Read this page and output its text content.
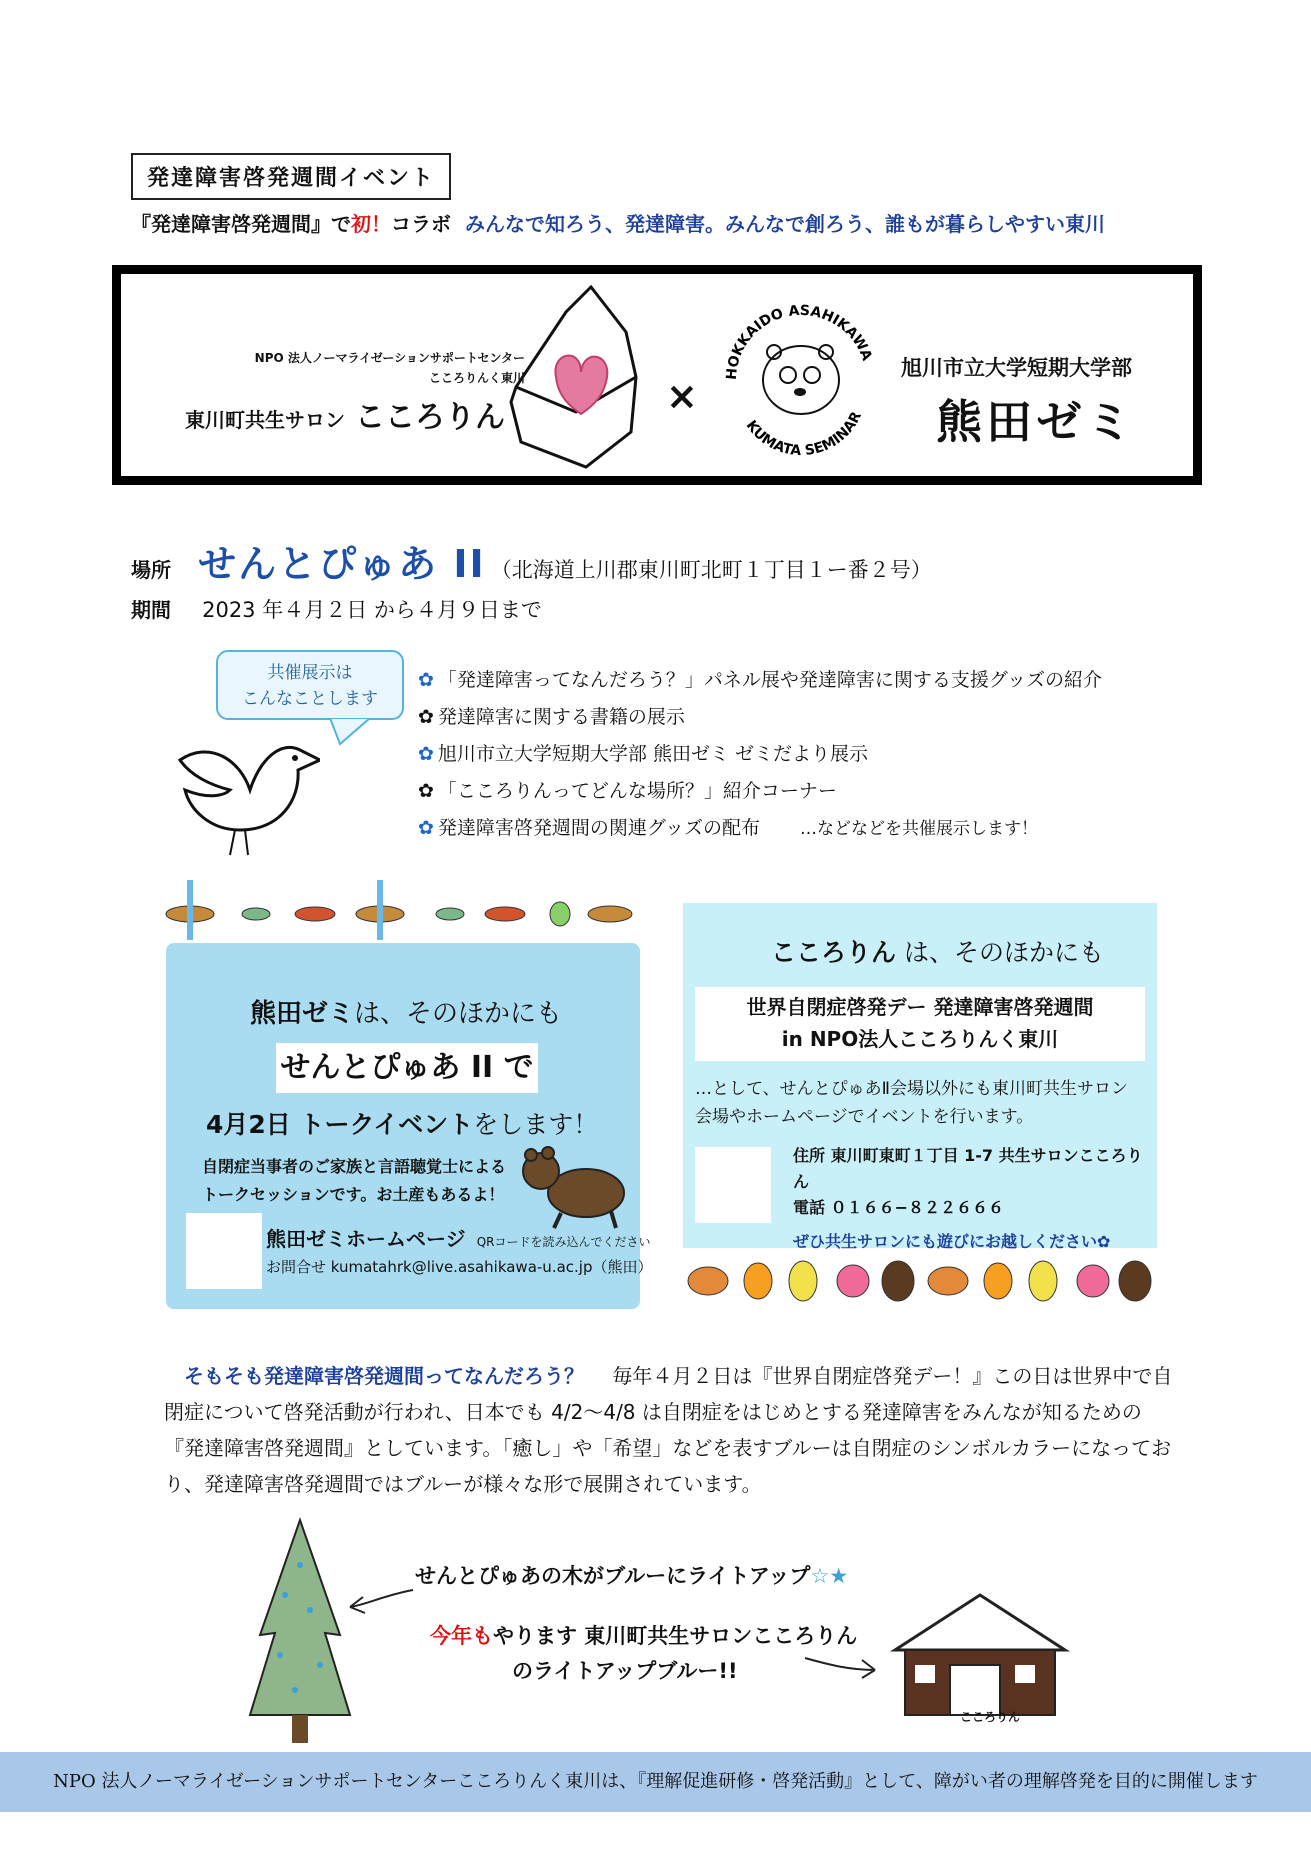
発達障害啓発週間イベント
『発達障害啓発週間』で初！コラボ みんなで知ろう、発達障害。みんなで創ろう、誰もが暮らしやすい東川
NPO 法人ノーマライゼーションサポートセンター
こころりんく東川
東川町共生サロン こころりん	×
HOKKAIDO ASAHIKAWA
KUMATA SEMINAR
旭川市立大学短期大学部
熊田ゼミ
場所 せんとぴゅあ II （北海道上川郡東川町北町１丁目１ー番２号）
期間 2023 年４月２日 から４月９日まで
共催展示は
こんなことします
✿ 「発達障害ってなんだろう？」パネル展や発達障害に関する支援グッズの紹介
✿ 発達障害に関する書籍の展示
✿ 旭川市立大学短期大学部 熊田ゼミ ゼミだより展示
✿ 「こころりんってどんな場所？」紹介コーナー
✿ 発達障害啓発週間の関連グッズの配布 …などなどを共催展示します！
熊田ゼミは、そのほかにも
せんとぴゅあ II で
4月2日 トークイベントをします！
自閉症当事者のご家族と言語聴覚士による
トークセッションです。お土産もあるよ！
熊田ゼミホームページ QRコードを読み込んでください
お問合せ kumatahrk@live.asahikawa-u.ac.jp（熊田）
こころりん は、そのほかにも
世界自閉症啓発デー 発達障害啓発週間
in NPO法人こころりんく東川
…として、せんとぴゅあⅡ会場以外にも東川町共生サロン会場やホームページでイベントを行います。
住所 東川町東町１丁目 1-7 共生サロンこころりん
電話 ０１６６−８２２６６６
ぜひ共生サロンにも遊びにお越しください✿
そもそも発達障害啓発週間ってなんだろう？ 毎年４月２日は『世界自閉症啓発デー！』この日は世界中で自閉症について啓発活動が行われ、日本でも 4/2～4/8 は自閉症をはじめとする発達障害をみんなが知るための『発達障害啓発週間』としています。「癒し」や「希望」などを表すブルーは自閉症のシンボルカラーになっており、発達障害啓発週間ではブルーが様々な形で展開されています。
せんとぴゅあの木がブルーにライトアップ☆★
今年もやります 東川町共生サロンこころりん
のライトアップブルー!!
こころりん
NPO 法人ノーマライゼーションサポートセンターこころりんく東川は、『理解促進研修・啓発活動』として、障がい者の理解啓発を目的に開催します
